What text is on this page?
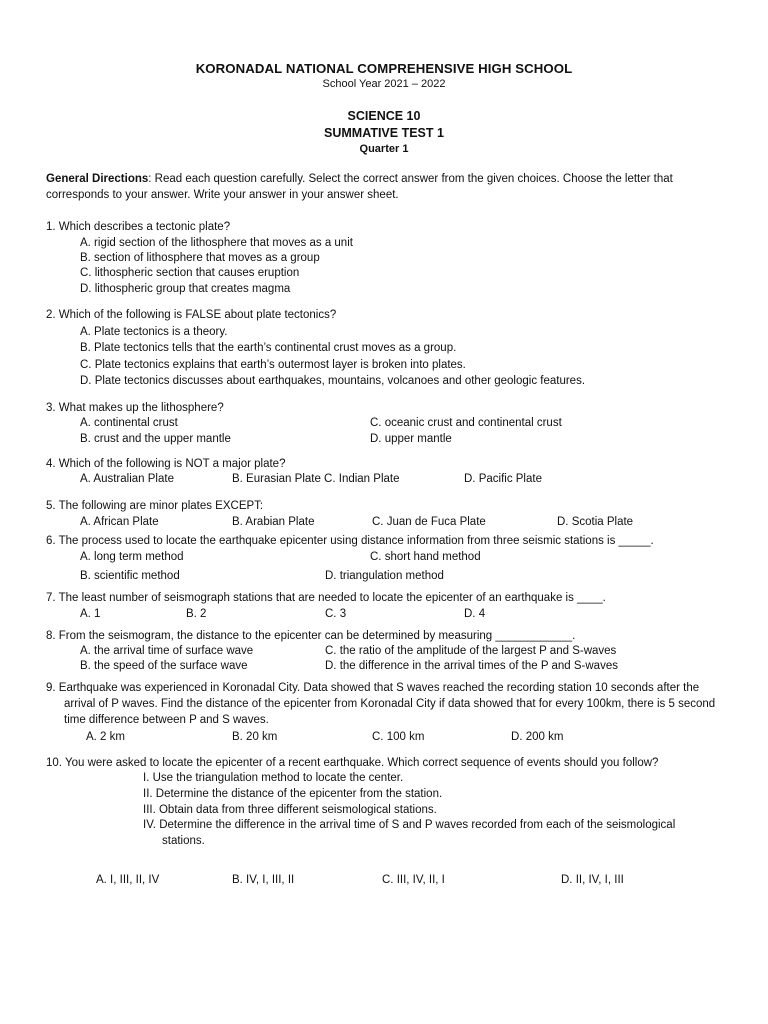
KORONADAL NATIONAL COMPREHENSIVE HIGH SCHOOL
School Year 2021 – 2022
SCIENCE 10
SUMMATIVE TEST 1
Quarter 1
General Directions: Read each question carefully. Select the correct answer from the given choices. Choose the letter that
corresponds to your answer. Write your answer in your answer sheet.
1. Which describes a tectonic plate?
A. rigid section of the lithosphere that moves as a unit
B. section of lithosphere that moves as a group
C. lithospheric section that causes eruption
D. lithospheric group that creates magma
2. Which of the following is FALSE about plate tectonics?
A. Plate tectonics is a theory.
B. Plate tectonics tells that the earth’s continental crust moves as a group.
C. Plate tectonics explains that earth’s outermost layer is broken into plates.
D. Plate tectonics discusses about earthquakes, mountains, volcanoes and other geologic features.
3. What makes up the lithosphere?
A. continental crust	C. oceanic crust and continental crust
B. crust and the upper mantle	D. upper mantle
4. Which of the following is NOT a major plate?
A. Australian Plate	B. Eurasian Plate C. Indian Plate	D. Pacific Plate
5. The following are minor plates EXCEPT:
A. African Plate	B. Arabian Plate	C. Juan de Fuca Plate	D. Scotia Plate
6. The process used to locate the earthquake epicenter using distance information from three seismic stations is _____.
A. long term method	C. short hand method
B. scientific method	D. triangulation method
7. The least number of seismograph stations that are needed to locate the epicenter of an earthquake is ____.
A. 1	B. 2	C. 3	D. 4
8. From the seismogram, the distance to the epicenter can be determined by measuring ____________.
A. the arrival time of surface wave	C. the ratio of the amplitude of the largest P and S-waves
B. the speed of the surface wave	D. the difference in the arrival times of the P and S-waves
9. Earthquake was experienced in Koronadal City. Data showed that S waves reached the recording station 10 seconds after the
arrival of P waves. Find the distance of the epicenter from Koronadal City if data showed that for every 100km, there is 5 second
time difference between P and S waves.
A. 2 km	B. 20 km	C. 100 km	D. 200 km
10. You were asked to locate the epicenter of a recent earthquake. Which correct sequence of events should you follow?
I. Use the triangulation method to locate the center.
II. Determine the distance of the epicenter from the station.
III. Obtain data from three different seismological stations.
IV. Determine the difference in the arrival time of S and P waves recorded from each of the seismological
stations.
A. I, III, II, IV	B. IV, I, III, II	C. III, IV, II, I	D. II, IV, I, III
